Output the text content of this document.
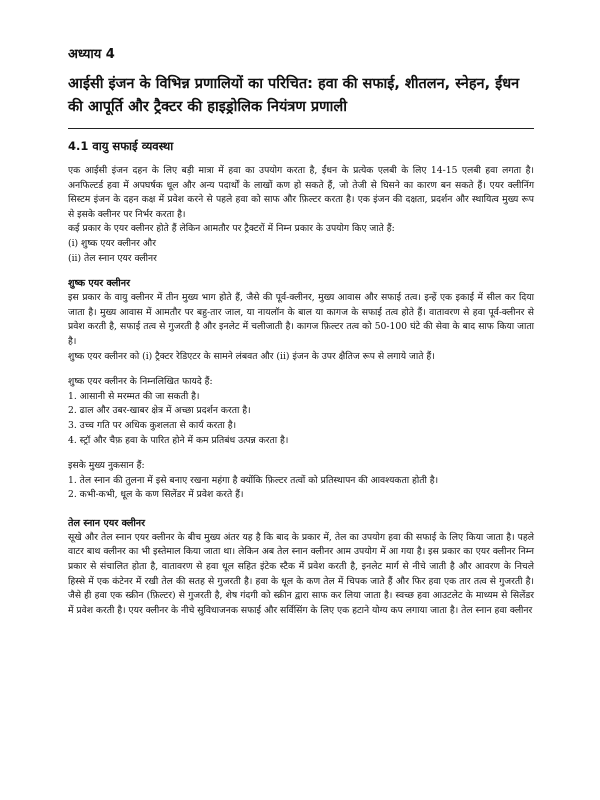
अध्याय 4
आईसी इंजन के विभिन्न प्रणालियों का परिचित: हवा की सफाई, शीतलन, स्नेहन, ईंधन की आपूर्ति और ट्रैक्टर की हाइड्रोलिक नियंत्रण प्रणाली
4.1 वायु सफाई व्यवस्था

एक आईसी इंजन दहन के लिए बड़ी मात्रा में हवा का उपयोग करता है, ईंधन के प्रत्येक एलबी के लिए 14-15 एलबी हवा लगता है। अनफिल्टर्ड हवा में अपघर्षक धूल और अन्य पदार्थों के लाखों कण हो सकते हैं, जो तेजी से घिसने का कारण बन सकते हैं। एयर क्लीनिंग सिस्टम इंजन के दहन कक्ष में प्रवेश करने से पहले हवा को साफ और फ़िल्टर करता है। एक इंजन की दक्षता, प्रदर्शन और स्थायित्व मुख्य रूप से इसके क्लीनर पर निर्भर करता है।

कई प्रकार के एयर क्लीनर होते हैं लेकिन आमतौर पर ट्रैक्टरों में निम्न प्रकार के उपयोग किए जाते हैं:

(i) शुष्क एयर क्लीनर और
(ii) तेल स्नान एयर क्लीनर
शुष्क एयर क्लीनर

इस प्रकार के वायु क्लीनर में तीन मुख्य भाग होते हैं, जैसे की पूर्व-क्लीनर, मुख्य आवास और सफाई तत्व। इन्हें एक इकाई में सील कर दिया जाता है। मुख्य आवास में आमतौर पर बहु-तार जाल, या नायलॉन के बाल या कागज के सफाई तत्व होते हैं। वातावरण से हवा पूर्व-क्लीनर से प्रवेश करती है, सफाई तत्व से गुजरती है और इनलेट में चलीजाती है। कागज फ़िल्टर तत्व को 50-100 घंटे की सेवा के बाद साफ किया जाता है।

शुष्क एयर क्लीनर को (i) ट्रैक्टर रेडिएटर के सामने लंबवत और (ii) इंजन के उपर क्षैतिज रूप से लगाये जाते हैं।

शुष्क एयर क्लीनर के निम्नलिखित फायदे हैं:

1. आसानी से मरम्मत की जा सकती है।
2. ढाल और उबर-खाबर क्षेत्र में अच्छा प्रदर्शन करता है।
3. उच्च गति पर अधिक कुशलता से कार्य करता है।
4. स्ट्रॉ और चैफ़ हवा के पारित होने में कम प्रतिबंध उत्पन्न करता है।

इसके मुख्य नुकसान हैं:

1. तेल स्नान की तुलना में इसे बनाए रखना महंगा है क्योंकि फ़िल्टर तत्वों को प्रतिस्थापन की आवश्यकता होती है।
2. कभी-कभी, धूल के कण सिलेंडर में प्रवेश करते हैं।
तेल स्नान एयर क्लीनर

सूखे और तेल स्नान एयर क्लीनर के बीच मुख्य अंतर यह है कि बाद के प्रकार में, तेल का उपयोग हवा की सफाई के लिए किया जाता है। पहले वाटर बाथ क्लीनर का भी इस्तेमाल किया जाता था। लेकिन अब तेल स्नान क्लीनर आम उपयोग में आ गया है। इस प्रकार का एयर क्लीनर निम्न प्रकार से संचालित होता है, वातावरण से हवा धूल सहित इंटेक स्टैक में प्रवेश करती है, इनलेट मार्ग से नीचे जाती है और आवरण के निचले हिस्से में एक कंटेनर में रखी तेल की सतह से गुजरती है। हवा के धूल के कण तेल में चिपक जाते हैं और फिर हवा एक तार तत्व से गुजरती है। जैसे ही हवा एक स्क्रीन (फ़िल्टर) से गुजरती है, शेष गंदगी को स्क्रीन द्वारा साफ कर लिया जाता है। स्वच्छ हवा आउटलेट के माध्यम से सिलेंडर में प्रवेश करती है। एयर क्लीनर के नीचे सुविधाजनक सफाई और सर्विसिंग के लिए एक हटाने योग्य कप लगाया जाता है। तेल स्नान हवा क्लीनर
